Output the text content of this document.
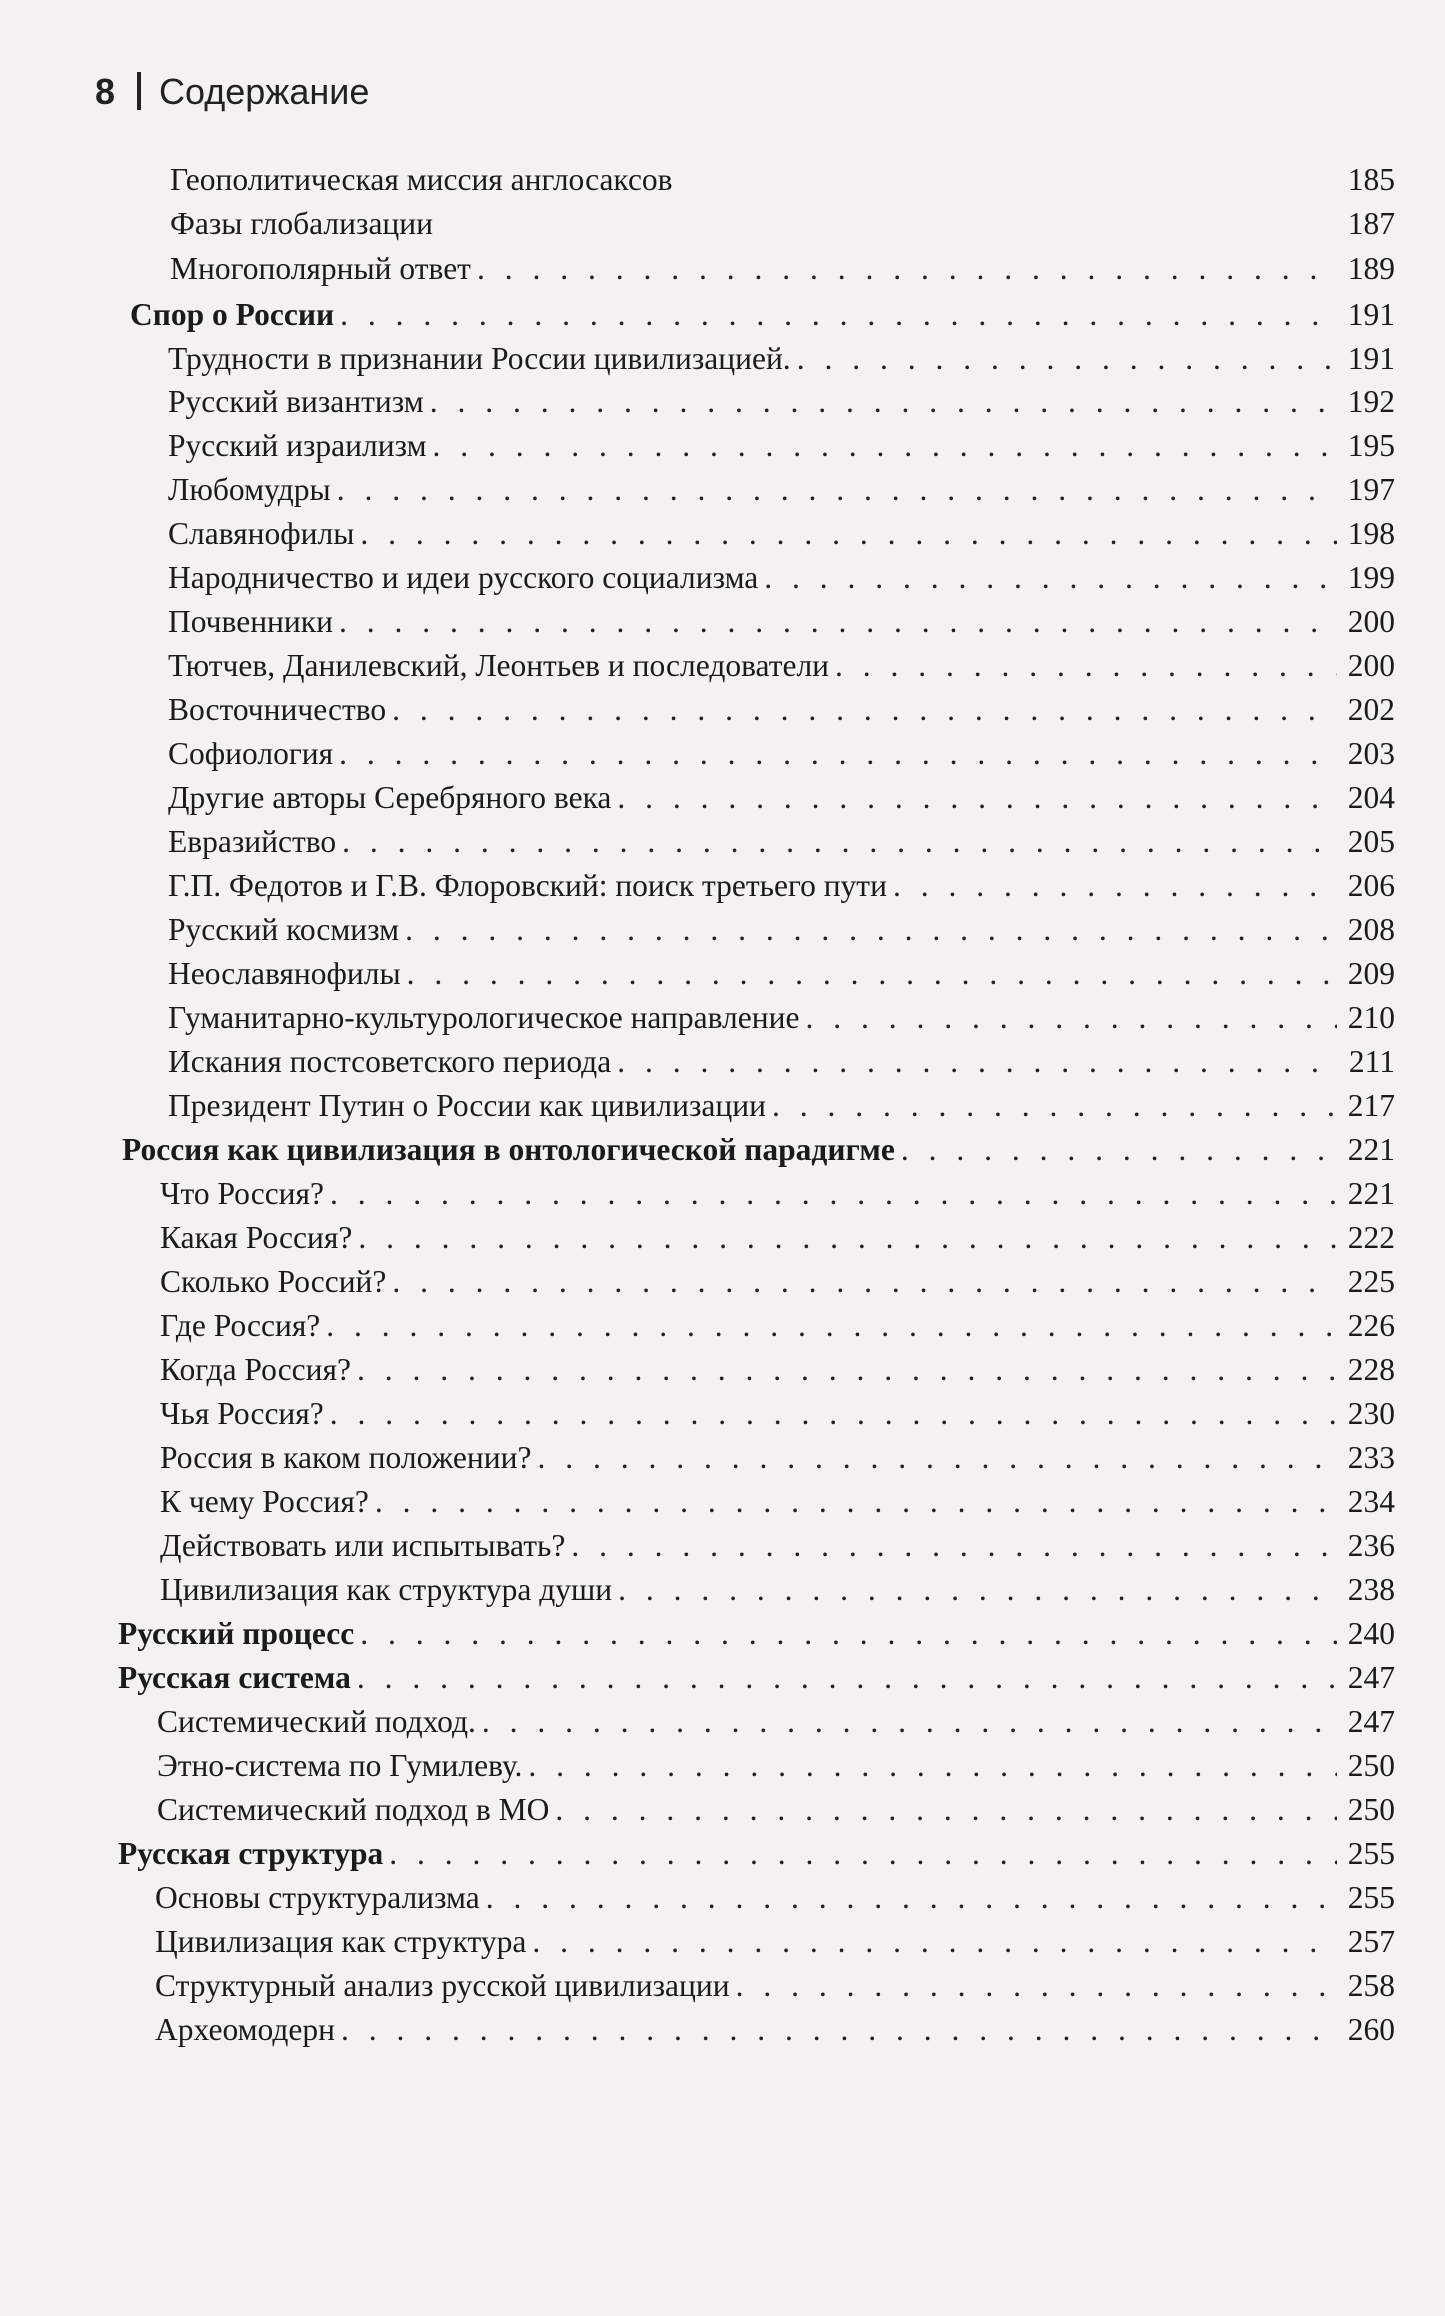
8 Содержание
Геополитическая миссия англосаксов	185
Фазы глобализации	187
Многополярный ответ . . .	189
Спор о России . . .	191
Трудности в признании России цивилизацией. . . .	191
Русский византизм . . .	192
Русский израилизм . . .	195
Любомудры . . .	197
Славянофилы . . .	198
Народничество и идеи русского социализма . . .	199
Почвенники . . .	200
Тютчев, Данилевский, Леонтьев и последователи . . .	200
Восточничество . . .	202
Софиология . . .	203
Другие авторы Серебряного века . . .	204
Евразийство . . .	205
Г.П. Федотов и Г.В. Флоровский: поиск третьего пути . . .	206
Русский космизм . . .	208
Неославянофилы . . .	209
Гуманитарно-культурологическое направление . . .	210
Искания постсоветского периода . . .	211
Президент Путин о России как цивилизации . . .	217
Россия как цивилизация в онтологической парадигме . . .	221
Что Россия? . . .	221
Какая Россия? . . .	222
Сколько Россий? . . .	225
Где Россия? . . .	226
Когда Россия? . . .	228
Чья Россия? . . .	230
Россия в каком положении? . . .	233
К чему Россия? . . .	234
Действовать или испытывать? . . .	236
Цивилизация как структура души . . .	238
Русский процесс . . .	240
Русская система . . .	247
Системический подход. . . .	247
Этно-система по Гумилеву. . . .	250
Системический подход в МО . . .	250
Русская структура . . .	255
Основы структурализма . . .	255
Цивилизация как структура . . .	257
Структурный анализ русской цивилизации . . .	258
Археомодерн . . .	260
